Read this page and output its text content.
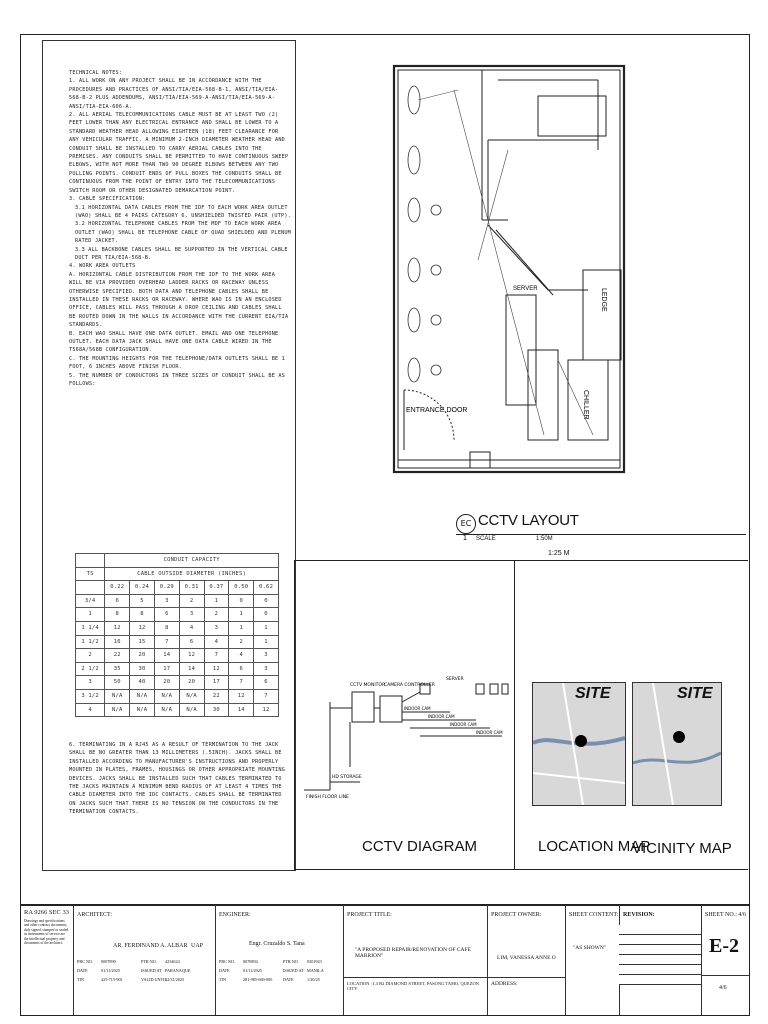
TECHNICAL NOTES:

1. ALL WORK ON ANY PROJECT SHALL BE IN ACCORDANCE WITH THE PROCEDURES AND PRACTICES OF ANSI/TIA/EIA-568-B-1, ANSI/TIA/EIA-568-B-2 PLUS ADDENDUMS, ANSI/TIA/EIA-569-A-ANSI/TIA/EIA-569-A-ANSI/TIA-EIA-606-A.

2. ALL AERIAL TELECOMMUNICATIONS CABLE MUST BE AT LEAST TWO (2) FEET LOWER THAN ANY ELECTRICAL ENTRANCE AND SHALL BE LOWER TO A STANDARD WEATHER HEAD ALLOWING EIGHTEEN (18) FEET CLEARANCE FOR ANY VEHICULAR TRAFFIC. A MINIMUM 2-INCH DIAMETER WEATHER HEAD AND CONDUIT SHALL BE INSTALLED TO CARRY AERIAL CABLES INTO THE PREMISES. ANY CONDUITS SHALL BE PERMITTED TO HAVE CONTINUOUS SWEEP ELBOWS, WITH NOT MORE THAN TWO 90 DEGREE ELBOWS BETWEEN ANY TWO PULLING POINTS. CONDUIT ENDS OF PULL BOXES THE CONDUITS SHALL BE CONTINUOUS FROM THE POINT OF ENTRY INTO THE TELECOMMUNICATIONS SWITCH ROOM OR OTHER DESIGNATED DEMARCATION POINT.

3. CABLE SPECIFICATION:

3.1 HORIZONTAL DATA CABLES FROM THE IDF TO EACH WORK AREA OUTLET (WAO) SHALL BE 4 PAIRS CATEGORY 6, UNSHIELDED TWISTED PAIR (UTP).

3.2 HORIZONTAL TELEPHONE CABLES FROM THE MDF TO EACH WORK AREA OUTLET (WAO) SHALL BE TELEPHONE CABLE OF QUAD SHIELDED AND PLENUM RATED JACKET.

3.3 ALL BACKBONE CABLES SHALL BE SUPPORTED IN THE VERTICAL CABLE DUCT PER TIA/EIA-568-B.

4. WORK AREA OUTLETS

A. HORIZONTAL CABLE DISTRIBUTION FROM THE IDF TO THE WORK AREA WILL BE VIA PROVIDED OVERHEAD LADDER RACKS OR RACEWAY UNLESS OTHERWISE SPECIFIED. BOTH DATA AND TELEPHONE CABLES SHALL BE INSTALLED IN THESE RACKS OR RACEWAY. WHERE WAO IS IN AN ENCLOSED OFFICE, CABLES WILL PASS THROUGH A DROP CEILING AND CABLES SHALL BE ROUTED DOWN IN THE WALLS IN ACCORDANCE WITH THE CURRENT EIA/TIA STANDARDS.

B. EACH WAO SHALL HAVE ONE DATA OUTLET. EMAIL AND ONE TELEPHONE OUTLET. EACH DATA JACK SHALL HAVE ONE DATA CABLE WIRED IN THE T568A/568B CONFIGURATION.

C. THE MOUNTING HEIGHTS FOR THE TELEPHONE/DATA OUTLETS SHALL BE 1 FOOT, 6 INCHES ABOVE FINISH FLOOR.

5. THE NUMBER OF CONDUCTORS IN THREE SIZES OF CONDUIT SHALL BE AS FOLLOWS:

	CONDUIT CAPACITY						
TS	CABLE OUTSIDE DIAMETER (INCHES)						
	0.22	0.24	0.29	0.31	0.37	0.50	0.62
3/4	6	5	3	2	1	0	0
1	8	8	6	3	2	1	0
1 1/4	12	12	8	4	3	1	1
1 1/2	16	15	7	6	4	2	1
2	22	20	14	12	7	4	3
2 1/2	35	30	17	14	12	6	3
3	50	40	20	20	17	7	6
3 1/2	N/A	N/A	N/A	N/A	22	12	7
4	N/A	N/A	N/A	N/A	30	14	12
6. TERMINATING IN A RJ45 AS A RESULT OF TERMINATION TO THE JACK SHALL BE NO GREATER THAN 13 MILLIMETERS (.5INCH). JACKS SHALL BE INSTALLED ACCORDING TO MANUFACTURER'S INSTRUCTIONS AND PROPERLY MOUNTED IN PLATES, FRAMES, HOUSINGS OR OTHER APPROPRIATE MOUNTING DEVICES. JACKS SHALL BE INSTALLED SUCH THAT CABLES TERMINATED TO THE JACKS MAINTAIN A MINIMUM BEND RADIUS OF AT LEAST 4 TIMES THE CABLE DIAMETER INTO THE IDC CONTACTS. CABLES SHALL BE TERMINATED ON JACKS SUCH THAT THERE IS NO TENSION ON THE CONDUCTORS IN THE TERMINATION CONTACTS.
ENTRANCE DOOR
SERVER	LEDGE
CHILLER
EC
1
CCTV LAYOUT
SCALE	1:50M
1:25 M
CCTV MONITOR
CAMERA CONTROLLER
SERVER
INDOOR CAM
INDOOR CAM
INDOOR CAM
INDOOR CAM
HD STORAGE
FINISH FLOOR LINE
CCTV DIAGRAM
SITE	SITE
LOCATION MAP
VICINITY MAP
RA 9266 SEC 33
Drawings and specifications and other contract documents, duly signed, stamped or sealed as instruments of service are the intellectual property and documents of the architect.
ARCHITECT:
AR. FERDINAND A. ALBAR UAP
PRC NO. 0007890
DATE	01/11/2025
TIN	425-715-901
PTR NO. 4234624
ISSUED AT PARANAQUE
VALID UNTIL
12/31/2025
ENGINEER:
Engr. Cruzaldo S. Tana
PRC NO. 0070894
DATE	01/11/2025
TIN	281-985-669-000
PTR NO. 0301943
ISSUED AT MANILA
DATE	1/20/25
PROJECT TITLE:
"A PROPOSED REPAIR/RENOVATION OF CAFE MARRION"
LOCATION : L3 B2 DIAMOND STREET, PASONG TAMO, QUEZON CITY
PROJECT OWNER:
LIM, VANESSA ANNE O
ADDRESS:
SHEET CONTENT:
"AS SHOWN"
REVISION:	SHEET NO.: 4/6
E-2
4/6
